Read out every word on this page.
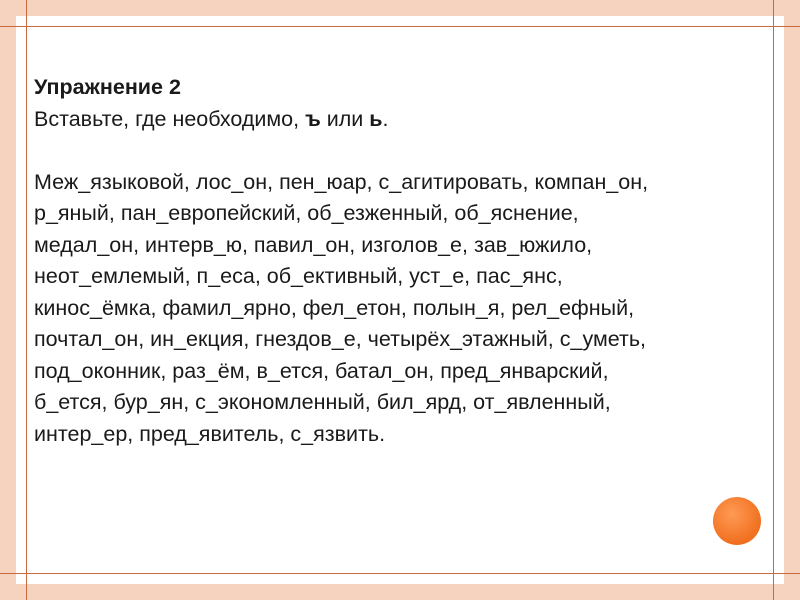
Упражнение 2

Вставьте, где необходимо, ъ или ь.

Меж_языковой, лос_он, пен_юар, с_агитировать, компан_он,

р_яный, пан_европейский, об_езженный, об_яснение,

медал_он, интерв_ю, павил_он, изголов_е, зав_южило,

неот_емлемый, п_еса, об_ективный, уст_е, пас_янс,

кинос_ёмка, фамил_ярно, фел_етон, полын_я, рел_ефный,

почтал_он, ин_екция, гнездов_е, четырёх_этажный, с_уметь,

под_оконник, раз_ём, в_ется, батал_он, пред_январский,

б_ется, бур_ян, с_экономленный, бил_ярд, от_явленный,

интер_ер, пред_явитель, с_язвить.
